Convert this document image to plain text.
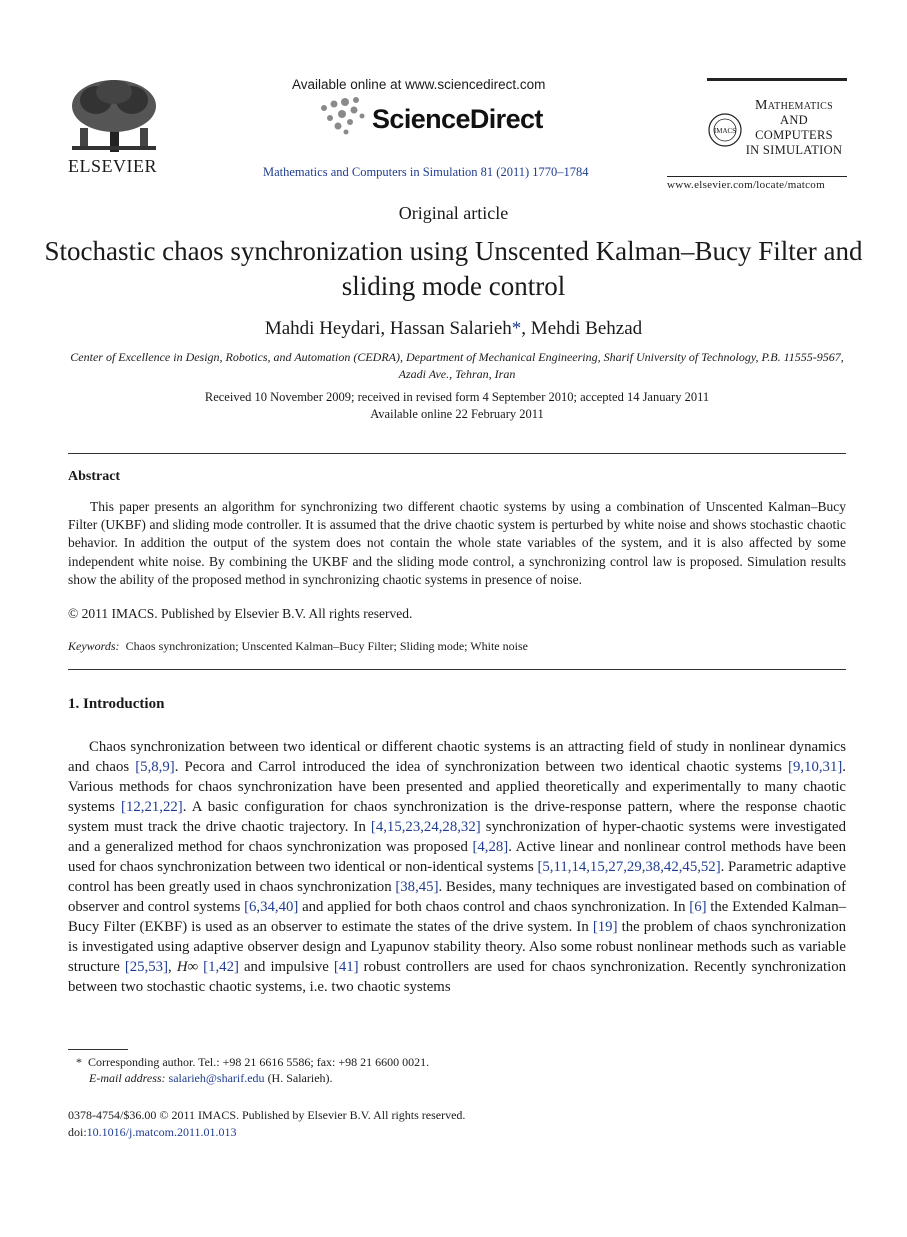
ELSEVIER
Available online at www.sciencedirect.com
ScienceDirect
Mathematics and Computers in Simulation 81 (2011) 1770–1784
IMACS
Mathematics
AND
COMPUTERS
IN SIMULATION
www.elsevier.com/locate/matcom
Original article
Stochastic chaos synchronization using Unscented Kalman–Bucy Filter and sliding mode control
Mahdi Heydari, Hassan Salarieh*, Mehdi Behzad
Center of Excellence in Design, Robotics, and Automation (CEDRA), Department of Mechanical Engineering, Sharif University of Technology, P.B. 11555-9567, Azadi Ave., Tehran, Iran
Received 10 November 2009; received in revised form 4 September 2010; accepted 14 January 2011
Available online 22 February 2011
Abstract
This paper presents an algorithm for synchronizing two different chaotic systems by using a combination of Unscented Kalman–Bucy Filter (UKBF) and sliding mode controller. It is assumed that the drive chaotic system is perturbed by white noise and shows stochastic chaotic behavior. In addition the output of the system does not contain the whole state variables of the system, and it is also affected by some independent white noise. By combining the UKBF and the sliding mode control, a synchronizing control law is proposed. Simulation results show the ability of the proposed method in synchronizing chaotic systems in presence of noise.
© 2011 IMACS. Published by Elsevier B.V. All rights reserved.
Keywords: Chaos synchronization; Unscented Kalman–Bucy Filter; Sliding mode; White noise
1. Introduction
Chaos synchronization between two identical or different chaotic systems is an attracting field of study in nonlinear dynamics and chaos [5,8,9]. Pecora and Carrol introduced the idea of synchronization between two identical chaotic systems [9,10,31]. Various methods for chaos synchronization have been presented and applied theoretically and experimentally to many chaotic systems [12,21,22]. A basic configuration for chaos synchronization is the drive-response pattern, where the response chaotic system must track the drive chaotic trajectory. In [4,15,23,24,28,32] synchronization of hyper-chaotic systems were investigated and a generalized method for chaos synchronization was proposed [4,28]. Active linear and nonlinear control methods have been used for chaos synchronization between two identical or non-identical systems [5,11,14,15,27,29,38,42,45,52]. Parametric adaptive control has been greatly used in chaos synchronization [38,45]. Besides, many techniques are investigated based on combination of observer and control systems [6,34,40] and applied for both chaos control and chaos synchronization. In [6] the Extended Kalman–Bucy Filter (EKBF) is used as an observer to estimate the states of the drive system. In [19] the problem of chaos synchronization is investigated using adaptive observer design and Lyapunov stability theory. Also some robust nonlinear methods such as variable structure [25,53], H∞ [1,42] and impulsive [41] robust controllers are used for chaos synchronization. Recently synchronization between two stochastic chaotic systems, i.e. two chaotic systems
* Corresponding author. Tel.: +98 21 6616 5586; fax: +98 21 6600 0021.
E-mail address: salarieh@sharif.edu (H. Salarieh).
0378-4754/$36.00 © 2011 IMACS. Published by Elsevier B.V. All rights reserved.
doi:10.1016/j.matcom.2011.01.013
